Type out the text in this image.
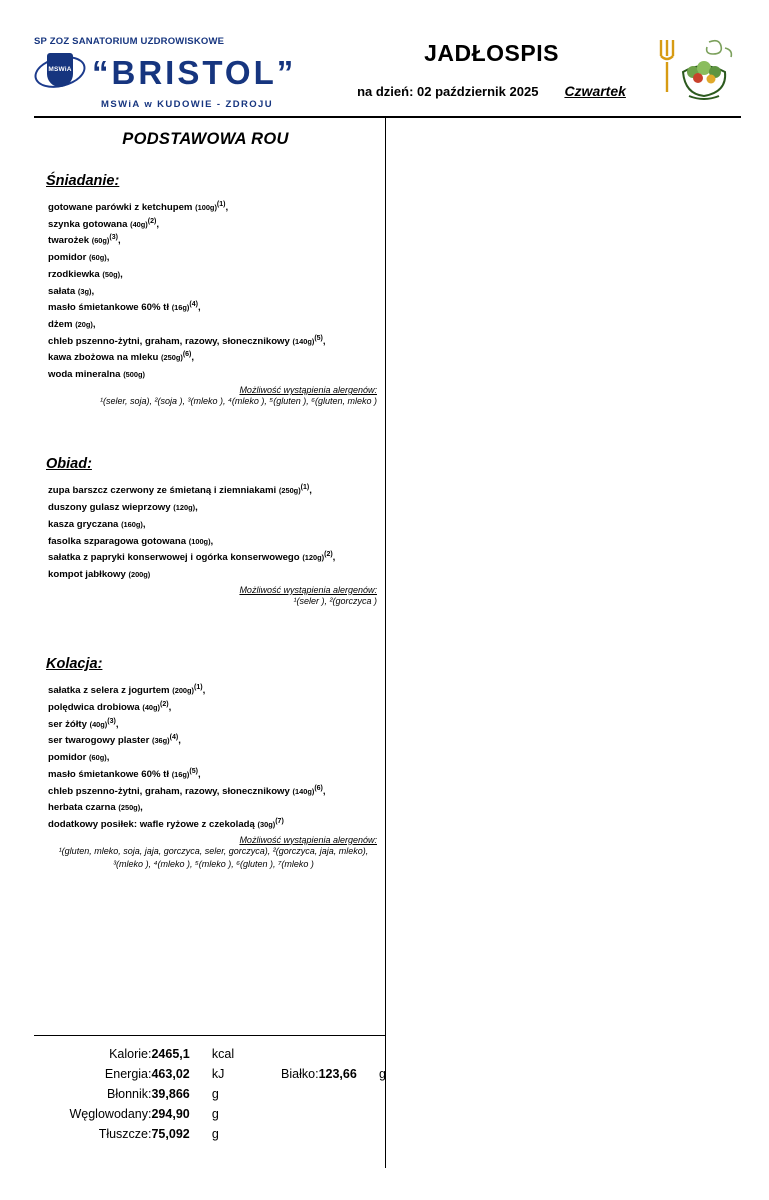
SP ZOZ SANATORIUM UZDROWISKOWE
MSWiA “BRISTOL”
MSWiA w KUDOWIE - ZDROJU
JADŁOSPIS
na dzień: 02 październik 2025 Czwartek
PODSTAWOWA ROU
Śniadanie:
gotowane parówki z ketchupem $(100g)^{(1)}$,
szynka gotowana $(40g)^{(2)}$,
twarożek $(60g)^{(3)}$,
pomidor (60g),
rzodkiewka (50g),
sałata (3g),
masło śmietankowe 60% tł $(16g)^{(4)}$,
dżem (20g),
chleb pszenno-żytni, graham, razowy, słonecznikowy $(140g)^{(5)}$,
kawa zbożowa na mleku $(250g)^{(6)}$,
woda mineralna (500g)
Możliwość wystąpienia alergenów:
¹(seler, soja), ²(soja ), ³(mleko ), ⁴(mleko ), ⁵(gluten ), ⁶(gluten, mleko )
Obiad:
zupa barszcz czerwony ze śmietaną i ziemniakami $(250g)^{(1)}$,
duszony gulasz wieprzowy (120g),
kasza gryczana (160g),
fasolka szparagowa gotowana (100g),
sałatka z papryki konserwowej i ogórka konserwowego $(120g)^{(2)}$,
kompot jabłkowy (200g)
Możliwość wystąpienia alergenów:
¹(seler ), ²(gorczyca )
Kolacja:
sałatka z selera z jogurtem $(200g)^{(1)}$,
polędwica drobiowa $(40g)^{(2)}$,
ser żółty $(40g)^{(3)}$,
ser twarogowy plaster $(36g)^{(4)}$,
pomidor (60g),
masło śmietankowe 60% tł $(16g)^{(5)}$,
chleb pszenno-żytni, graham, razowy, słonecznikowy $(140g)^{(6)}$,
herbata czarna (250g),
dodatkowy posiłek: wafle ryżowe z czekoladą $(30g)^{(7)}$
Możliwość wystąpienia alergenów:
¹(gluten, mleko, soja, jaja, gorczyca, seler, gorczyca), ²(gorczyca, jaja, mleko), ³(mleko ), ⁴(mleko ), ⁵(mleko ), ⁶(gluten ), ⁷(mleko )
Kalorie:	2465,1	kcal			
Energia:	463,02	kJ	Białko:	123,66	g
Błonnik:	39,866	g			
Węglowodany:	294,90	g			
Tłuszcze:	75,092	g			
